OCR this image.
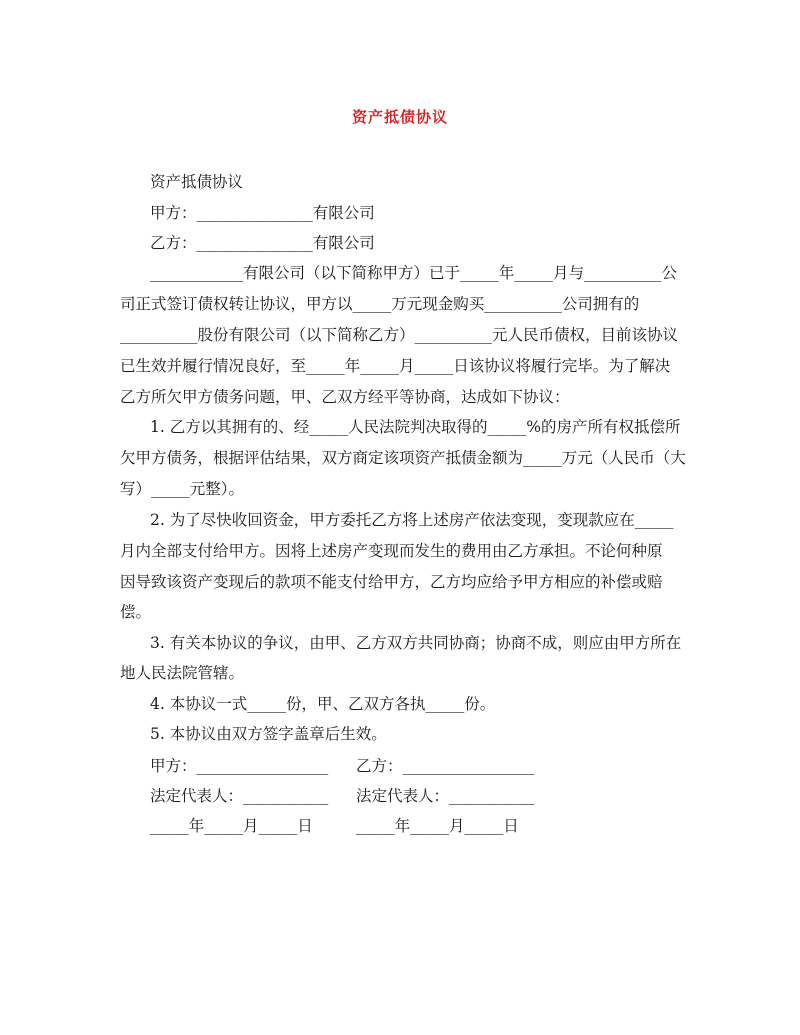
资产抵债协议
资产抵债协议
甲方：_______________有限公司
乙方：_______________有限公司
____________有限公司（以下简称甲方）已于_____年_____月与__________公
司正式签订债权转让协议，甲方以_____万元现金购买__________公司拥有的
__________股份有限公司（以下简称乙方）__________元人民币债权，目前该协议
已生效并履行情况良好，至_____年_____月_____日该协议将履行完毕。为了解决
乙方所欠甲方债务问题，甲、乙双方经平等协商，达成如下协议：
1. 乙方以其拥有的、经_____人民法院判决取得的_____%的房产所有权抵偿所
欠甲方债务，根据评估结果，双方商定该项资产抵债金额为_____万元（人民币（大
写）_____元整）。
2. 为了尽快收回资金，甲方委托乙方将上述房产依法变现，变现款应在_____
月内全部支付给甲方。因将上述房产变现而发生的费用由乙方承担。不论何种原
因导致该资产变现后的款项不能支付给甲方，乙方均应给予甲方相应的补偿或赔
偿。
3. 有关本协议的争议，由甲、乙方双方共同协商；协商不成，则应由甲方所在
地人民法院管辖。
4. 本协议一式_____份，甲、乙双方各执_____份。
5. 本协议由双方签字盖章后生效。
甲方：_________________ 乙方：_________________
法定代表人：___________ 法定代表人：___________
_____年_____月_____日	_____年_____月_____日
